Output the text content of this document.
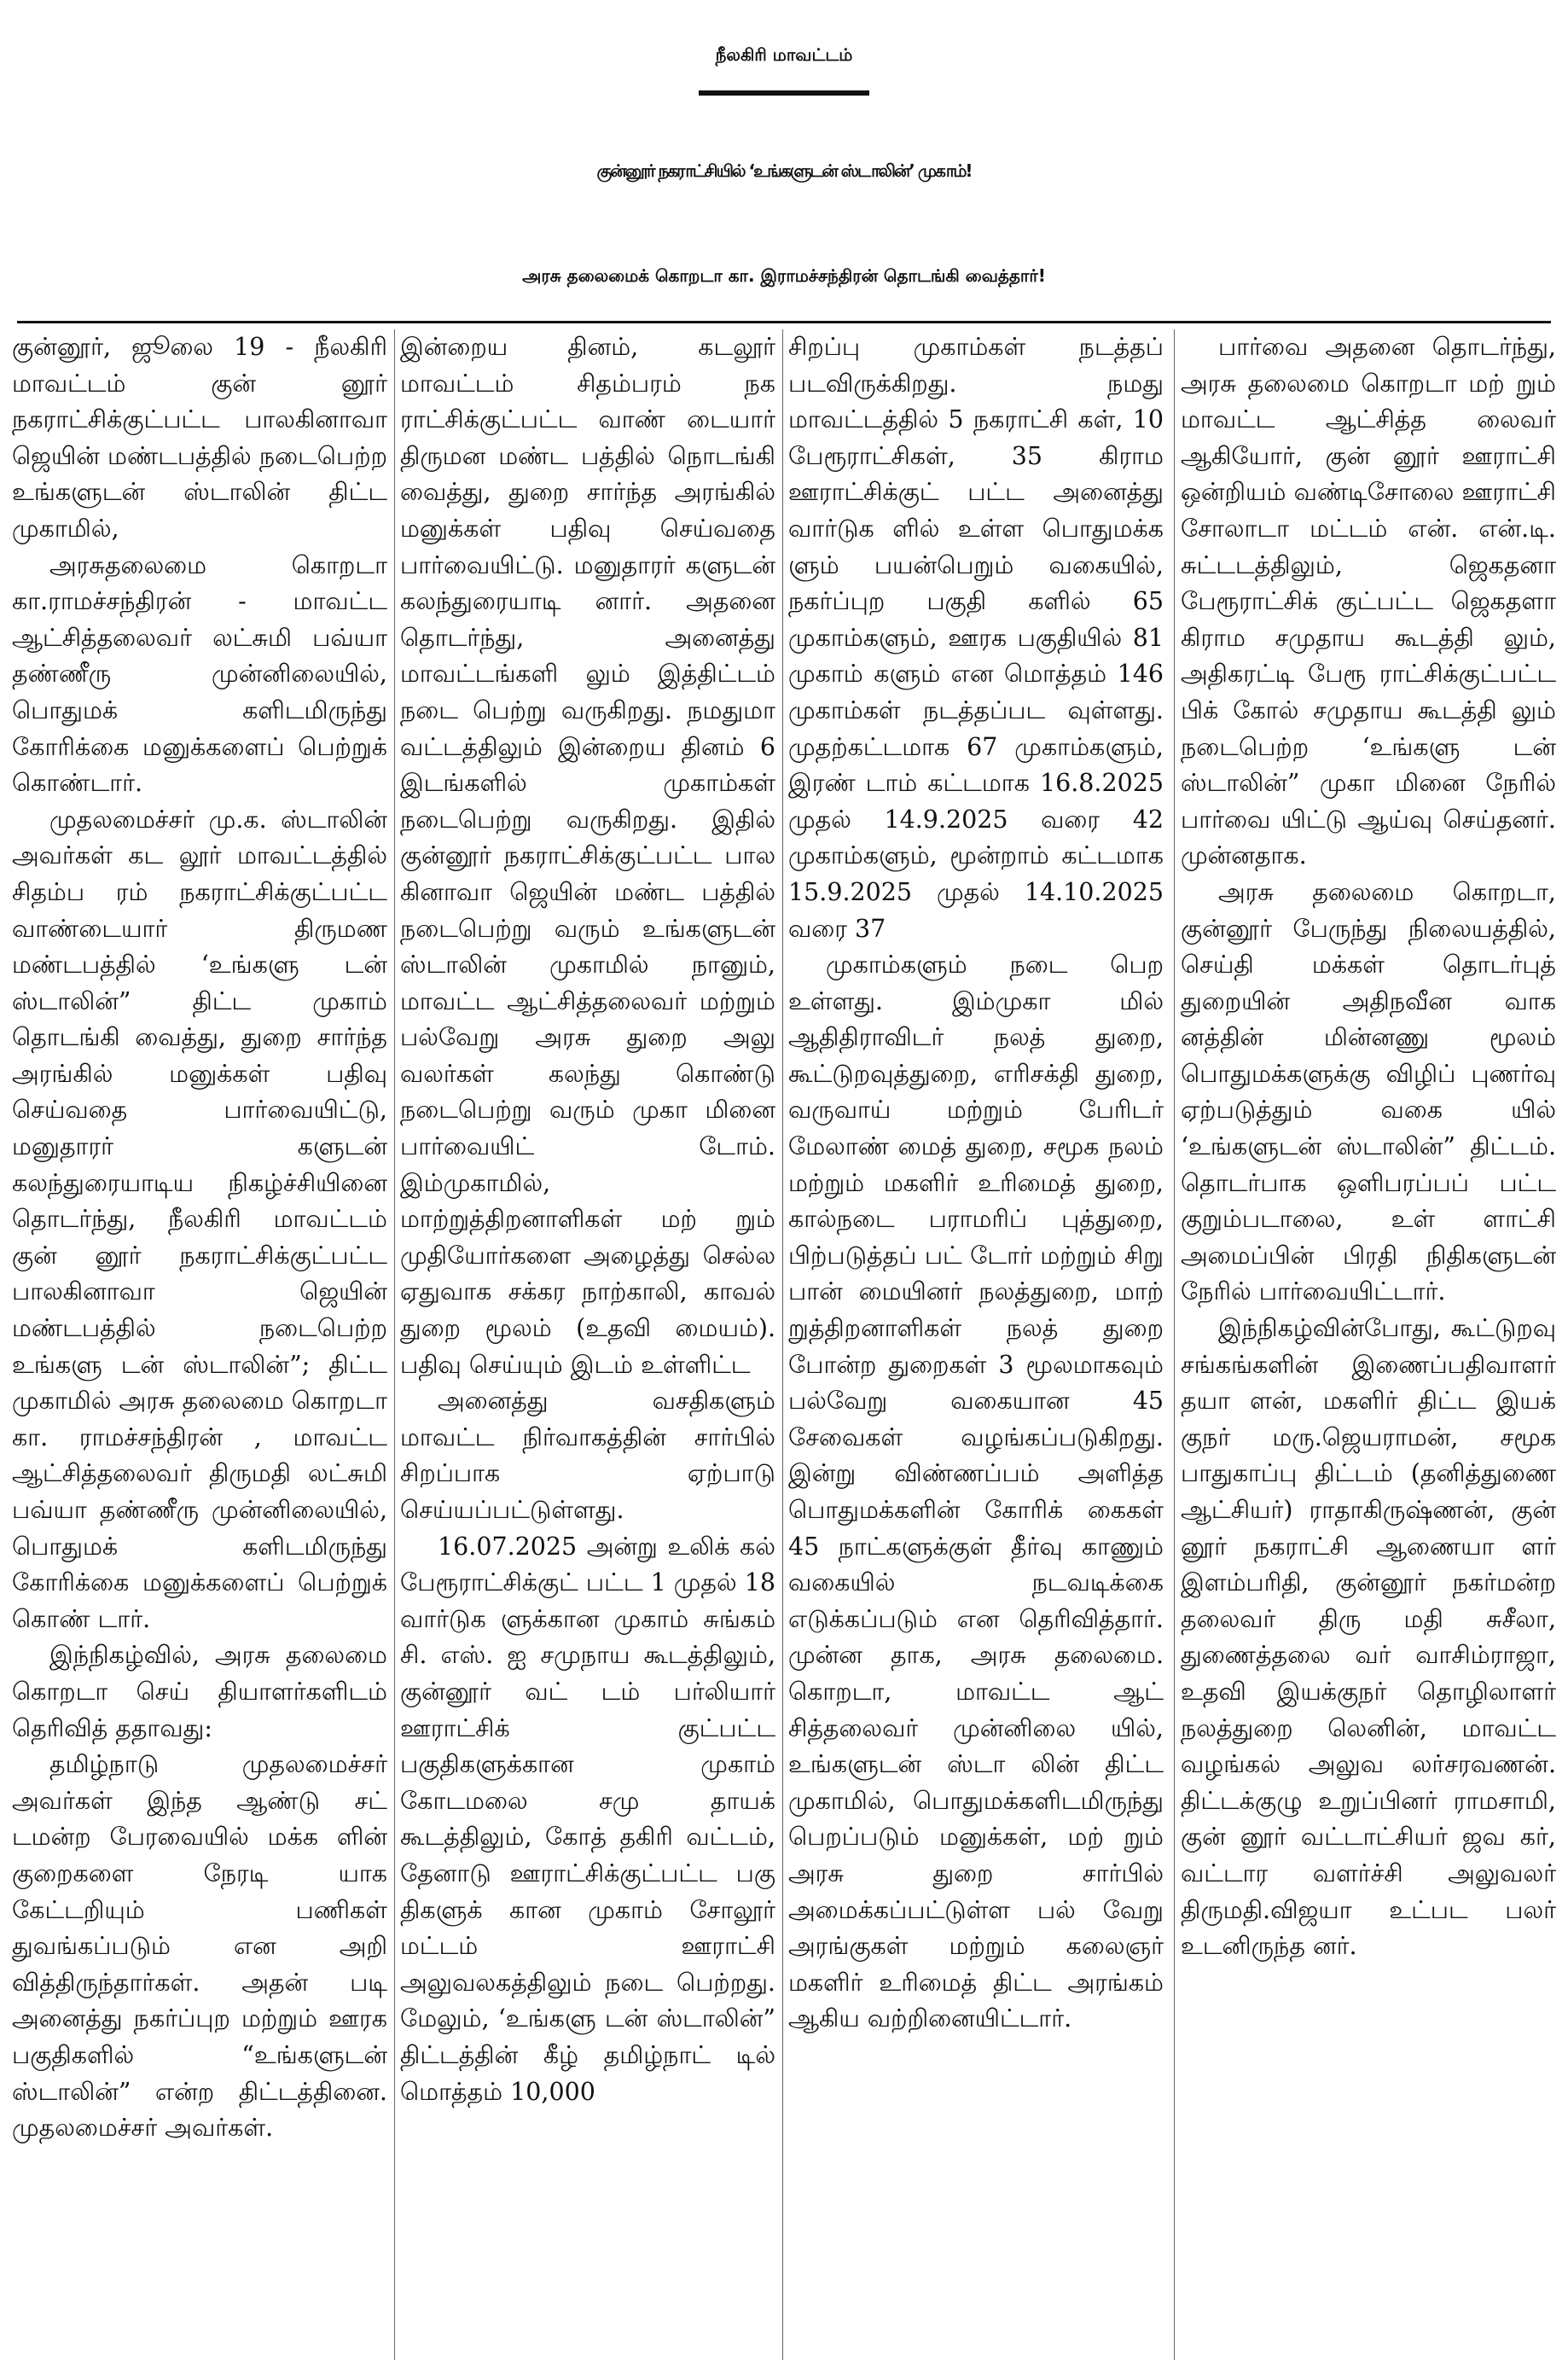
நீலகிரி மாவட்டம்
குன்னூர் நகராட்சியில் ‘உங்களுடன் ஸ்டாலின்’ முகாம்!
அரசு தலைமைக் கொறடா கா. இராமச்சந்திரன் தொடங்கி வைத்தார்!

குன்னூர், ஜூலை 19 - நீலகிரி மாவட்டம் குன் னூர் நகராட்சிக்குட்பட்ட பாலகினாவா ஜெயின் மண்டபத்தில் நடைபெற்ற உங்களுடன் ஸ்டாலின் திட்ட முகாமில்,

அரசுதலைமை கொறடா கா.ராமச்சந்திரன் - மாவட்ட ஆட்சித்தலைவர் லட்சுமி பவ்யா தண்ணீரு முன்னிலையில், பொதுமக் களிடமிருந்து கோரிக்கை மனுக்களைப் பெற்றுக் கொண்டார்.

முதலமைச்சர் மு.க. ஸ்டாலின் அவர்கள் கட லூர் மாவட்டத்தில் சிதம்ப ரம் நகராட்சிக்குட்பட்ட வாண்டையார் திருமண மண்டபத்தில் ‘உங்களு டன் ஸ்டாலின்” திட்ட முகாம் தொடங்கி வைத்து, துறை சார்ந்த அரங்கில் மனுக்கள் பதிவு செய்வதை பார்வையிட்டு, மனுதாரர் களுடன் கலந்துரையாடிய நிகழ்ச்சியினை தொடர்ந்து, நீலகிரி மாவட்டம் குன் னூர் நகராட்சிக்குட்பட்ட பாலகினாவா ஜெயின் மண்டபத்தில் நடைபெற்ற உங்களு டன் ஸ்டாலின்”; திட்ட முகாமில் அரசு தலைமை கொறடா கா. ராமச்சந்திரன் , மாவட்ட ஆட்சித்தலைவர் திருமதி லட்சுமி பவ்யா தண்ணீரு முன்னிலையில், பொதுமக் களிடமிருந்து கோரிக்கை மனுக்களைப் பெற்றுக் கொண் டார்.

இந்நிகழ்வில், அரசு தலைமை கொறடா செய் தியாளர்களிடம் தெரிவித் ததாவது:

தமிழ்நாடு முதலமைச்சர் அவர்கள் இந்த ஆண்டு சட் டமன்ற பேரவையில் மக்க ளின் குறைகளை நேரடி யாக கேட்டறியும் பணிகள் துவங்கப்படும் என அறி வித்திருந்தார்கள். அதன் படி அனைத்து நகர்ப்புற மற்றும் ஊரக பகுதிகளில் “உங்களுடன் ஸ்டாலின்” என்ற திட்டத்தினை. முதலமைச்சர் அவர்கள்.

இன்றைய தினம், கடலூர் மாவட்டம் சிதம்பரம் நக ராட்சிக்குட்பட்ட வாண் டையார் திருமன மண்ட பத்தில் நொடங்கி வைத்து, துறை சார்ந்த அரங்கில் மனுக்கள் பதிவு செய்வதை பார்வையிட்டு. மனுதாரர் களுடன் கலந்துரையாடி னார். அதனை தொடர்ந்து, அனைத்து மாவட்டங்களி லும் இத்திட்டம் நடை பெற்று வருகிறது. நமதுமா வட்டத்திலும் இன்றைய தினம் 6 இடங்களில் முகாம்கள் நடைபெற்று வருகிறது. இதில் குன்னூர் நகராட்சிக்குட்பட்ட பால கினாவா ஜெயின் மண்ட பத்தில் நடைபெற்று வரும் உங்களுடன் ஸ்டாலின் முகாமில் நானும், மாவட்ட ஆட்சித்தலைவர் மற்றும் பல்வேறு அரசு துறை அலு வலர்கள் கலந்து கொண்டு நடைபெற்று வரும் முகா மினை பார்வையிட் டோம். இம்முகாமில், மாற்றுத்திறனாளிகள் மற் றும் முதியோர்களை அழைத்து செல்ல ஏதுவாக சக்கர நாற்காலி, காவல் துறை மூலம் (உதவி மையம்). பதிவு செய்யும் இடம் உள்ளிட்ட

அனைத்து வசதிகளும் மாவட்ட நிர்வாகத்தின் சார்பில் சிறப்பாக ஏற்பாடு செய்யப்பட்டுள்ளது.

16.07.2025 அன்று உலிக் கல் பேரூராட்சிக்குட் பட்ட 1 முதல் 18 வார்டுக ளுக்கான முகாம் சுங்கம் சி. எஸ். ஐ சமுநாய கூடத்திலும், குன்னூர் வட் டம் பர்லியார் ஊராட்சிக் குட்பட்ட பகுதிகளுக்கான முகாம் கோடமலை சமு தாயக் கூடத்திலும், கோத் தகிரி வட்டம், தேனாடு ஊராட்சிக்குட்பட்ட பகு திகளுக் கான முகாம் சோலூர் மட்டம் ஊராட்சி அலுவலகத்திலும் நடை பெற்றது. மேலும், ‘உங்களு டன் ஸ்டாலின்” திட்டத்தின் கீழ் தமிழ்நாட் டில் மொத்தம் 10,000

சிறப்பு முகாம்கள் நடத்தப் படவிருக்கிறது. நமது மாவட்டத்தில் 5 நகராட்சி கள், 10 பேரூராட்சிகள், 35 கிராம ஊராட்சிக்குட் பட்ட அனைத்து வார்டுக ளில் உள்ள பொதுமக்க ளும் பயன்பெறும் வகையில், நகர்ப்புற பகுதி களில் 65 முகாம்களும், ஊரக பகுதியில் 81 முகாம் களும் என மொத்தம் 146 முகாம்கள் நடத்தப்பட வுள்ளது. முதற்கட்டமாக 67 முகாம்களும், இரண் டாம் கட்டமாக 16.8.2025 முதல் 14.9.2025 வரை 42 முகாம்களும், மூன்றாம் கட்டமாக 15.9.2025 முதல் 14.10.2025 வரை 37

முகாம்களும் நடை பெற உள்ளது. இம்முகா மில் ஆதிதிராவிடர் நலத் துறை, கூட்டுறவுத்துறை, எரிசக்தி துறை, வருவாய் மற்றும் பேரிடர் மேலாண் மைத் துறை, சமூக நலம் மற்றும் மகளிர் உரிமைத் துறை, கால்நடை பராமரிப் புத்துறை, பிற்படுத்தப் பட் டோர் மற்றும் சிறு பான் மையினர் நலத்துறை, மாற் றுத்திறனாளிகள் நலத் துறை போன்ற துறைகள் 3 மூலமாகவும் பல்வேறு வகையான 45 சேவைகள் வழங்கப்படுகிறது. இன்று விண்ணப்பம் அளித்த பொதுமக்களின் கோரிக் கைகள் 45 நாட்களுக்குள் தீர்வு காணும் வகையில் நடவடிக்கை எடுக்கப்படும் என தெரிவித்தார். முன்ன தாக, அரசு தலைமை. கொறடா, மாவட்ட ஆட் சித்தலைவர் முன்னிலை யில், உங்களுடன் ஸ்டா லின் திட்ட முகாமில், பொதுமக்களிடமிருந்து பெறப்படும் மனுக்கள், மற் றும் அரசு துறை சார்பில் அமைக்கப்பட்டுள்ள பல் வேறு அரங்குகள் மற்றும் கலைஞர் மகளிர் உரிமைத் திட்ட அரங்கம் ஆகிய வற்றினையிட்டார்.

பார்வை அதனை தொடர்ந்து, அரசு தலைமை கொறடா மற் றும் மாவட்ட ஆட்சித்த லைவர் ஆகியோர், குன் னூர் ஊராட்சி ஒன்றியம் வண்டிசோலை ஊராட்சி சோலாடா மட்டம் என். என்.டி. சுட்டடத்திலும், ஜெகதனா பேரூராட்சிக் குட்பட்ட ஜெகதளா கிராம சமுதாய கூடத்தி லும், அதிகரட்டி பேரூ ராட்சிக்குட்பட்ட பிக் கோல் சமுதாய கூடத்தி லும் நடைபெற்ற ‘உங்களு டன் ஸ்டாலின்” முகா மினை நேரில் பார்வை யிட்டு ஆய்வு செய்தனர். முன்னதாக.

அரசு தலைமை கொறடா, குன்னூர் பேருந்து நிலையத்தில், செய்தி மக்கள் தொடர்புத் துறையின் அதிநவீன வாக னத்தின் மின்னணு மூலம் பொதுமக்களுக்கு விழிப் புணர்வு ஏற்படுத்தும் வகை யில் ‘உங்களுடன் ஸ்டாலின்” திட்டம். தொடர்பாக ஒளிபரப்பப் பட்ட குறும்படாலை, உள் ளாட்சி அமைப்பின் பிரதி நிதிகளுடன் நேரில் பார்வையிட்டார்.

இந்நிகழ்வின்போது, கூட்டுறவு சங்கங்களின் இணைப்பதிவாளர் தயா ளன், மகளிர் திட்ட இயக் குநர் மரு.ஜெயராமன், சமூக பாதுகாப்பு திட்டம் (தனித்துணை ஆட்சியர்) ராதாகிருஷ்ணன், குன் னூர் நகராட்சி ஆணையா ளர் இளம்பரிதி, குன்னூர் நகர்மன்ற தலைவர் திரு மதி சுசீலா, துணைத்தலை வர் வாசிம்ராஜா, உதவி இயக்குநர் தொழிலாளர் நலத்துறை லெனின், மாவட்ட வழங்கல் அலுவ லர்சரவணன். திட்டக்குழு உறுப்பினர் ராமசாமி, குன் னூர் வட்டாட்சியர் ஜவ கர், வட்டார வளர்ச்சி அலுவலர் திருமதி.விஜயா உட்பட பலர் உடனிருந்த னர்.
